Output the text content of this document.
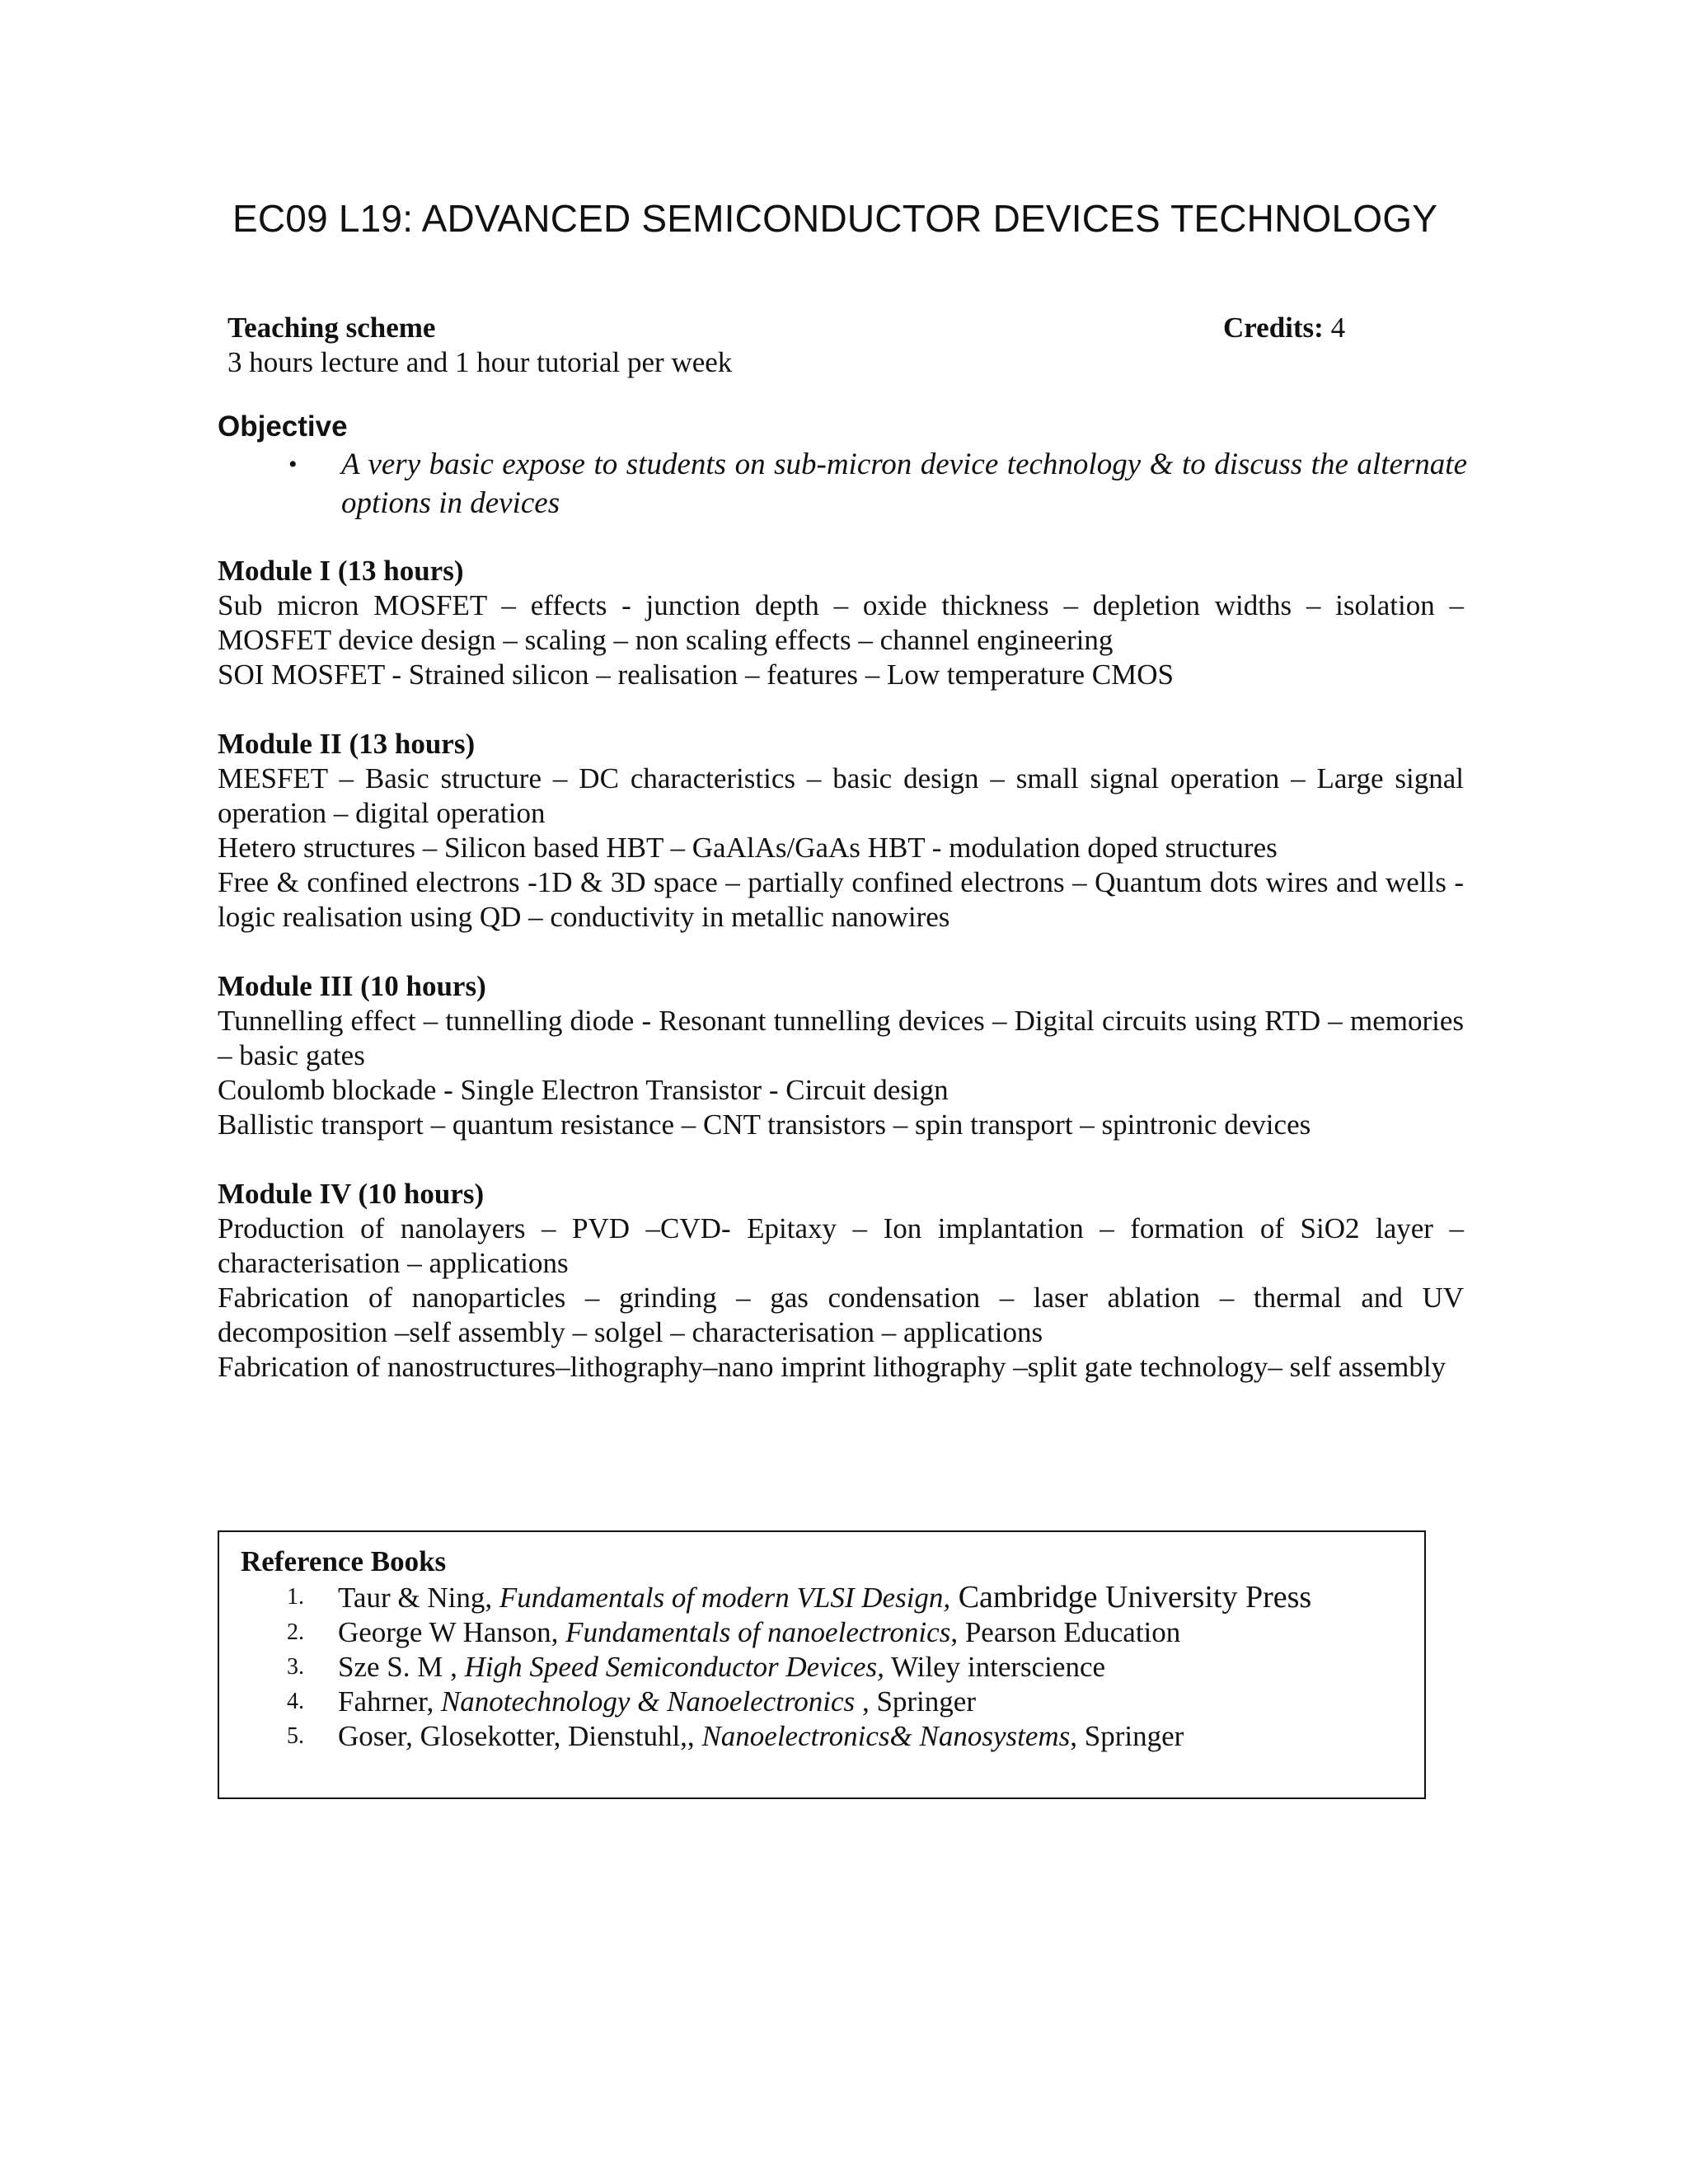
EC09 L19: ADVANCED SEMICONDUCTOR DEVICES TECHNOLOGY
Teaching scheme	Credits: 4
3 hours lecture and 1 hour tutorial per week
Objective
• A very basic expose to students on sub-micron device technology & to discuss the alternate options in devices
Module I (13 hours)

Sub micron MOSFET – effects - junction depth – oxide thickness – depletion widths – isolation – MOSFET device design – scaling – non scaling effects – channel engineering

SOI MOSFET - Strained silicon – realisation – features – Low temperature CMOS

Module II (13 hours)

MESFET – Basic structure – DC characteristics – basic design – small signal operation – Large signal operation – digital operation

Hetero structures – Silicon based HBT – GaAlAs/GaAs HBT - modulation doped structures

Free & confined electrons -1D & 3D space – partially confined electrons – Quantum dots wires and wells - logic realisation using QD – conductivity in metallic nanowires

Module III (10 hours)

Tunnelling effect – tunnelling diode - Resonant tunnelling devices – Digital circuits using RTD – memories – basic gates

Coulomb blockade - Single Electron Transistor - Circuit design

Ballistic transport – quantum resistance – CNT transistors – spin transport – spintronic devices

Module IV (10 hours)

Production of nanolayers – PVD –CVD- Epitaxy – Ion implantation – formation of SiO2 layer – characterisation – applications

Fabrication of nanoparticles – grinding – gas condensation – laser ablation – thermal and UV decomposition –self assembly – solgel – characterisation – applications

Fabrication of nanostructures–lithography–nano imprint lithography –split gate technology– self assembly

Reference Books
1.	Taur & Ning, Fundamentals of modern VLSI Design, Cambridge University Press
2.	George W Hanson, Fundamentals of nanoelectronics, Pearson Education
3.	Sze S. M , High Speed Semiconductor Devices, Wiley interscience
4.	Fahrner, Nanotechnology & Nanoelectronics , Springer
5.	Goser, Glosekotter, Dienstuhl,, Nanoelectronics& Nanosystems, Springer
